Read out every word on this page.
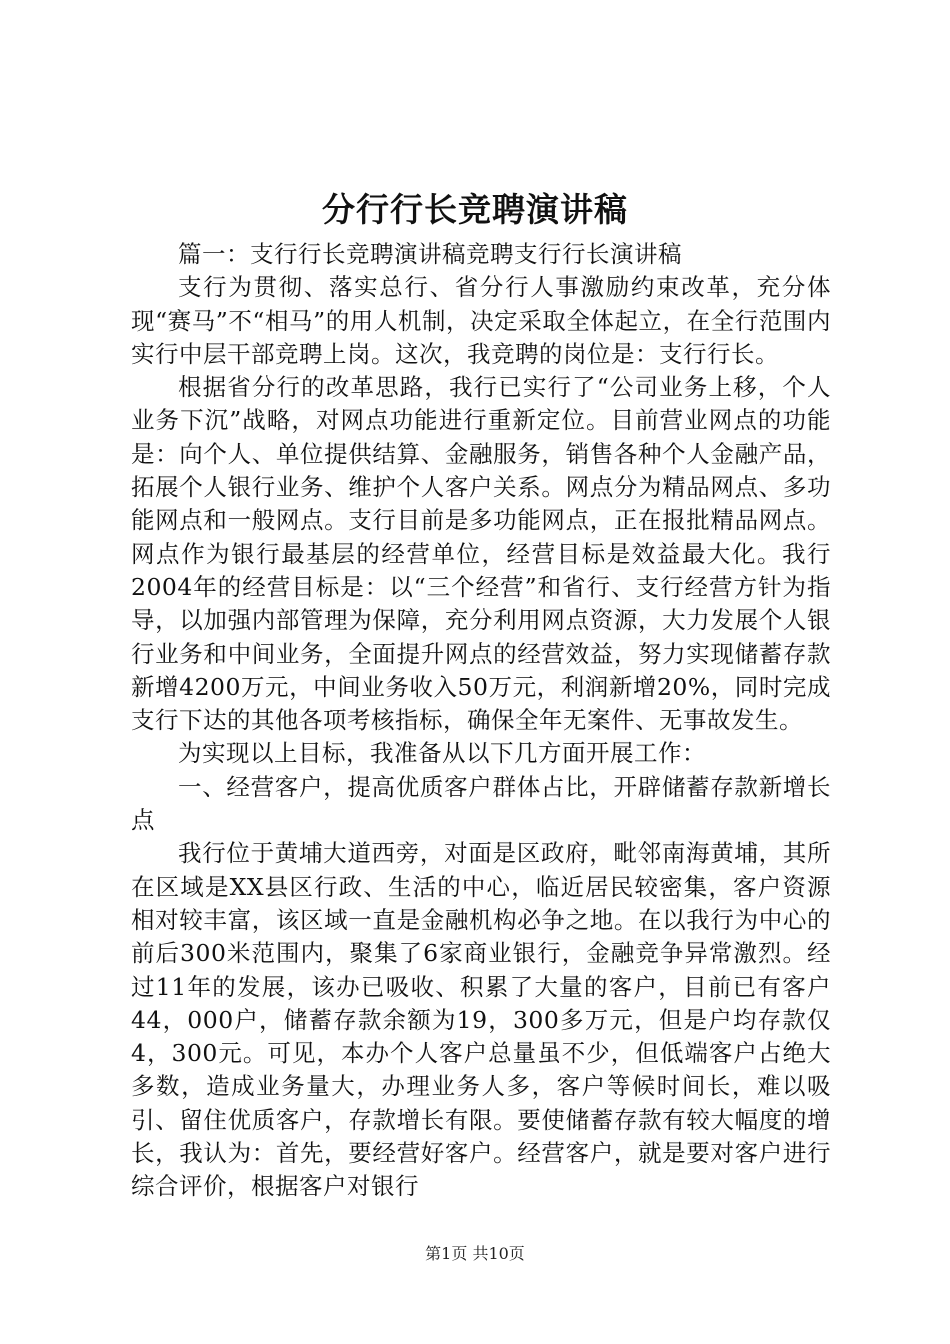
分行行长竞聘演讲稿

篇一：支行行长竞聘演讲稿竞聘支行行长演讲稿

支行为贯彻、落实总行、省分行人事激励约束改革，充分体现“赛马”不“相马”的用人机制，决定采取全体起立，在全行范围内实行中层干部竞聘上岗。这次，我竞聘的岗位是：支行行长。

根据省分行的改革思路，我行已实行了“公司业务上移，个人业务下沉”战略，对网点功能进行重新定位。目前营业网点的功能是：向个人、单位提供结算、金融服务，销售各种个人金融产品，拓展个人银行业务、维护个人客户关系。网点分为精品网点、多功能网点和一般网点。支行目前是多功能网点，正在报批精品网点。网点作为银行最基层的经营单位，经营目标是效益最大化。我行2004年的经营目标是：以“三个经营”和省行、支行经营方针为指导，以加强内部管理为保障，充分利用网点资源，大力发展个人银行业务和中间业务，全面提升网点的经营效益，努力实现储蓄存款新增4200万元，中间业务收入50万元，利润新增20%，同时完成支行下达的其他各项考核指标，确保全年无案件、无事故发生。

为实现以上目标，我准备从以下几方面开展工作：

一、经营客户，提高优质客户群体占比，开辟储蓄存款新增长点

我行位于黄埔大道西旁，对面是区政府，毗邻南海黄埔，其所在区域是XX县区行政、生活的中心，临近居民较密集，客户资源相对较丰富，该区域一直是金融机构必争之地。在以我行为中心的前后300米范围内，聚集了6家商业银行，金融竞争异常激烈。经过11年的发展，该办已吸收、积累了大量的客户，目前已有客户44，000户，储蓄存款余额为19，300多万元，但是户均存款仅4，300元。可见，本办个人客户总量虽不少，但低端客户占绝大多数，造成业务量大，办理业务人多，客户等候时间长，难以吸引、留住优质客户，存款增长有限。要使储蓄存款有较大幅度的增长，我认为：首先，要经营好客户。经营客户，就是要对客户进行综合评价，根据客户对银行

第1页 共10页
